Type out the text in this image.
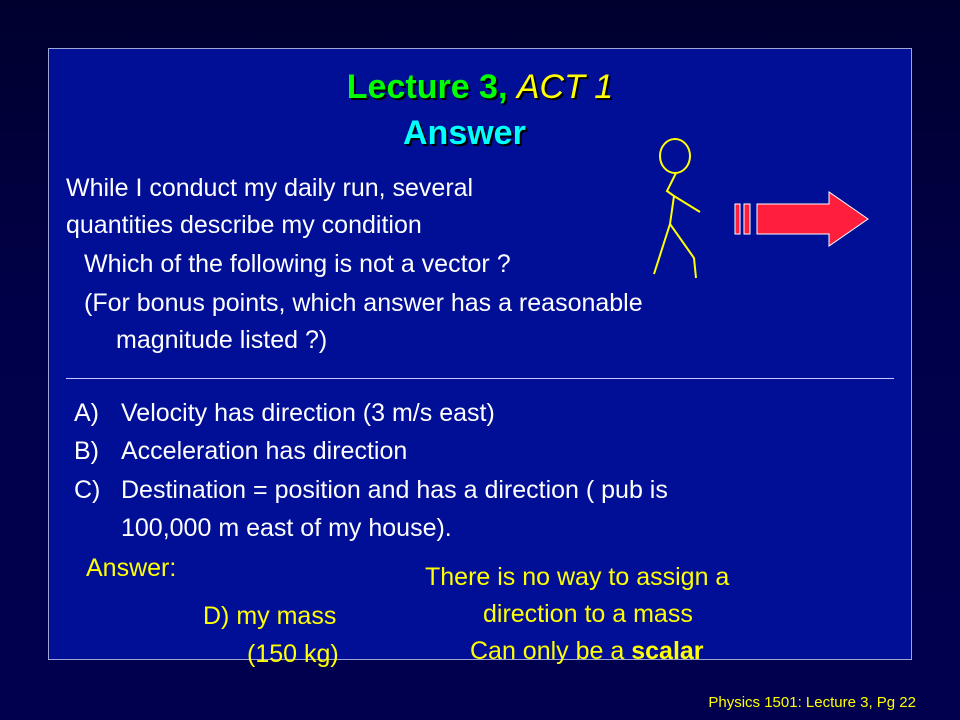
Lecture 3, ACT 1
Answer
While I conduct my daily run, several
quantities describe my condition
Which of the following is not a vector ?
(For bonus points, which answer has a reasonable
magnitude listed ?)
A) Velocity has direction (3 m/s east)
B) Acceleration has direction
C) Destination = position and has a direction ( pub is
100,000 m east of my house).
Answer:
D) my mass
(150 kg)
There is no way to assign a
direction to a mass
Can only be a scalar
Physics 1501: Lecture 3, Pg 22
